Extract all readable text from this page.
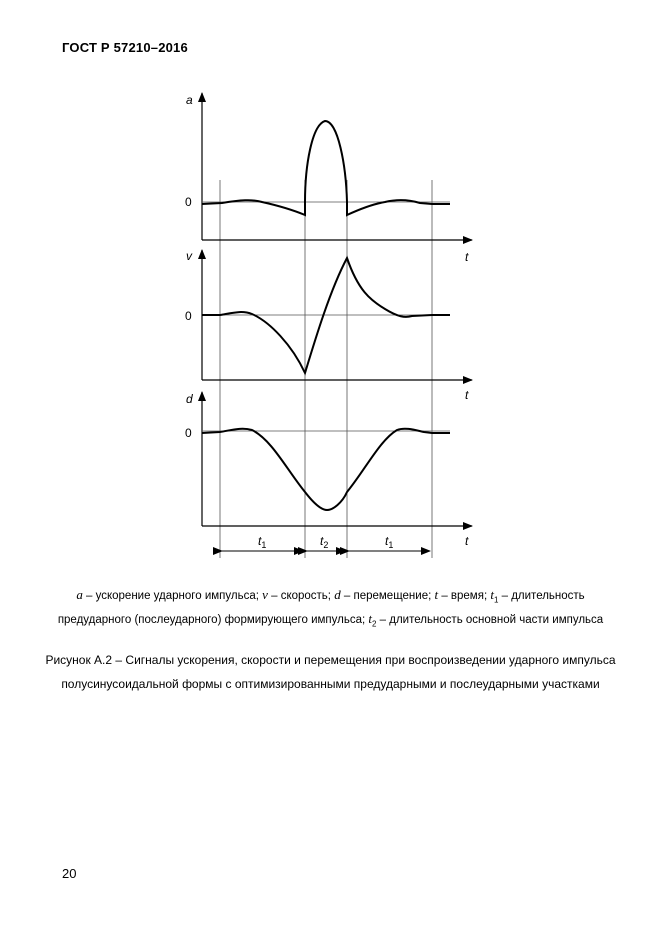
ГОСТ Р 57210–2016
a
0
t
v
0
t
d
0
t
$t_1$	$t_2$	$t_1$
a – ускорение ударного импульса; v – скорость; d – перемещение; t – время; $t_1$ – длительность предударного (послеударного) формирующего импульса; $t_2$ – длительность основной части импульса
Рисунок А.2 – Сигналы ускорения, скорости и перемещения при воспроизведении ударного импульса полусинусоидальной формы с оптимизированными предударными и послеударными участками
20
